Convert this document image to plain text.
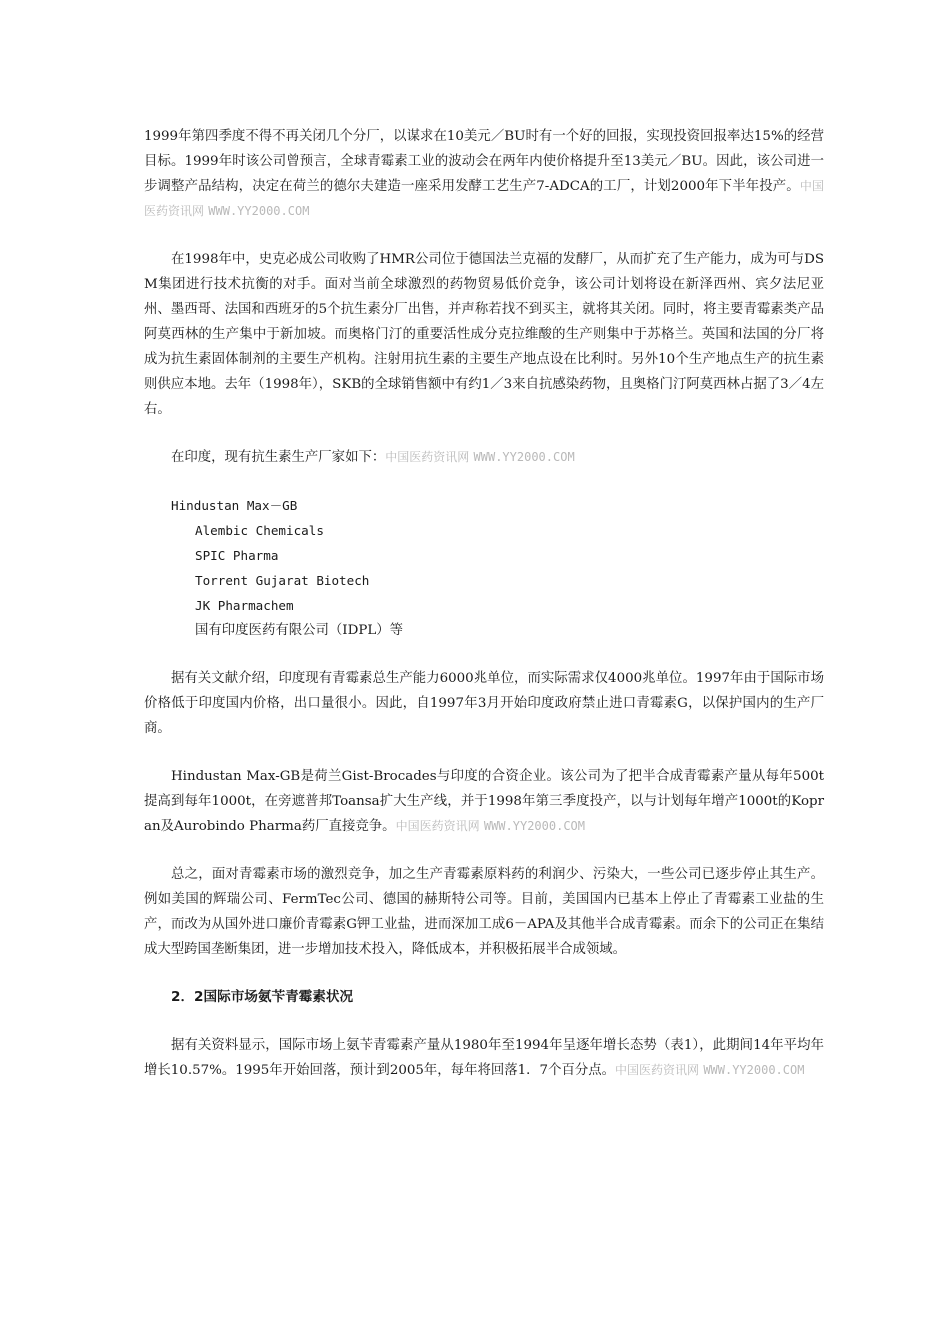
1999年第四季度不得不再关闭几个分厂，以谋求在10美元／BU时有一个好的回报，实现投资回报率达15%的经营目标。1999年时该公司曾预言，全球青霉素工业的波动会在两年内使价格提升至13美元／BU。因此，该公司进一步调整产品结构，决定在荷兰的德尔夫建造一座采用发酵工艺生产7-ADCA的工厂，计划2000年下半年投产。中国医药资讯网 WWW.YY2000.COM

在1998年中，史克必成公司收购了HMR公司位于德国法兰克福的发酵厂，从而扩充了生产能力，成为可与DSM集团进行技术抗衡的对手。面对当前全球激烈的药物贸易低价竞争，该公司计划将设在新泽西州、宾夕法尼亚州、墨西哥、法国和西班牙的5个抗生素分厂出售，并声称若找不到买主，就将其关闭。同时，将主要青霉素类产品阿莫西林的生产集中于新加坡。而奥格门汀的重要活性成分克拉维酸的生产则集中于苏格兰。英国和法国的分厂将成为抗生素固体制剂的主要生产机构。注射用抗生素的主要生产地点设在比利时。另外10个生产地点生产的抗生素则供应本地。去年（1998年），SKB的全球销售额中有约1／3来自抗感染药物，且奥格门汀阿莫西林占据了3／4左右。

在印度，现有抗生素生产厂家如下：中国医药资讯网 WWW.YY2000.COM

Hindustan Max－GB
Alembic Chemicals
SPIC Pharma
Torrent Gujarat Biotech
JK Pharmachem
国有印度医药有限公司（IDPL）等

据有关文献介绍，印度现有青霉素总生产能力6000兆单位，而实际需求仅4000兆单位。1997年由于国际市场价格低于印度国内价格，出口量很小。因此，自1997年3月开始印度政府禁止进口青霉素G，以保护国内的生产厂商。

Hindustan Max-GB是荷兰Gist-Brocades与印度的合资企业。该公司为了把半合成青霉素产量从每年500t提高到每年1000t，在旁遮普邦Toansa扩大生产线，并于1998年第三季度投产，以与计划每年增产1000t的Kopran及Aurobindo Pharma药厂直接竞争。中国医药资讯网 WWW.YY2000.COM

总之，面对青霉素市场的激烈竞争，加之生产青霉素原料药的利润少、污染大，一些公司已逐步停止其生产。例如美国的辉瑞公司、FermTec公司、德国的赫斯特公司等。目前，美国国内已基本上停止了青霉素工业盐的生产，而改为从国外进口廉价青霉素G钾工业盐，进而深加工成6－APA及其他半合成青霉素。而余下的公司正在集结成大型跨国垄断集团，进一步增加技术投入，降低成本，并积极拓展半合成领域。

2．2国际市场氨苄青霉素状况

据有关资料显示，国际市场上氨苄青霉素产量从1980年至1994年呈逐年增长态势（表1），此期间14年平均年增长10.57%。1995年开始回落，预计到2005年，每年将回落1．7个百分点。中国医药资讯网 WWW.YY2000.COM
